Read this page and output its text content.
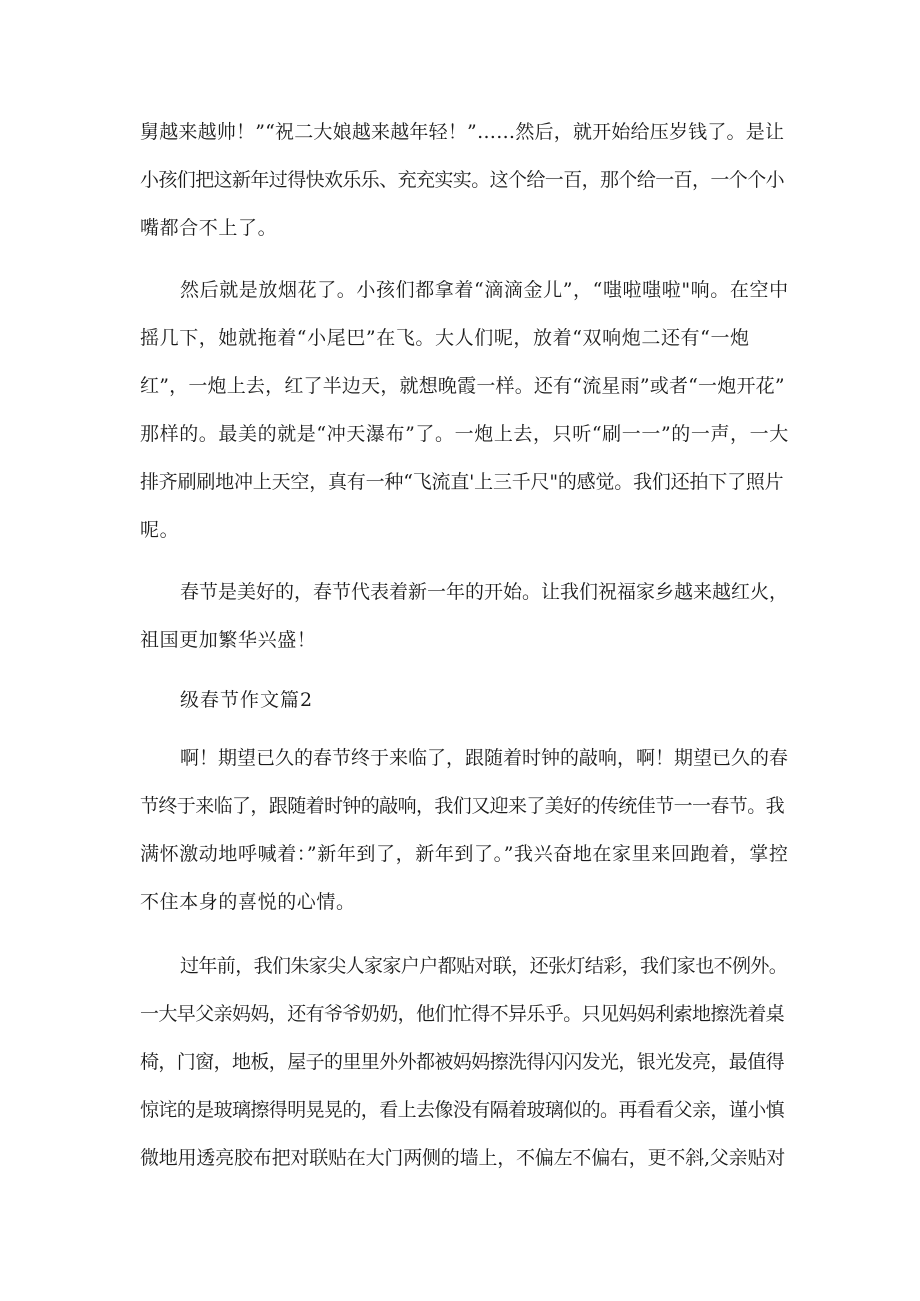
舅越来越帅！”“祝二大娘越来越年轻！”……然后，就开始给压岁钱了。是让
小孩们把这新年过得快欢乐乐、充充实实。这个给一百，那个给一百，一个个小
嘴都合不上了。
然后就是放烟花了。小孩们都拿着“滴滴金儿”，“嗤啦嗤啦"响。在空中
摇几下，她就拖着“小尾巴”在飞。大人们呢，放着“双响炮二还有“一炮
红”，一炮上去，红了半边天，就想晚霞一样。还有“流星雨”或者“一炮开花”
那样的。最美的就是“冲天瀑布”了。一炮上去，只听“刷一一”的一声，一大
排齐刷刷地冲上天空，真有一种“飞流直'上三千尺"的感觉。我们还拍下了照片
呢。
春节是美好的，春节代表着新一年的开始。让我们祝福家乡越来越红火，
祖国更加繁华兴盛！
级春节作文篇2
啊！期望已久的春节终于来临了，跟随着时钟的敲响，啊！期望已久的春
节终于来临了，跟随着时钟的敲响，我们又迎来了美好的传统佳节一一春节。我
满怀激动地呼喊着：”新年到了，新年到了。”我兴奋地在家里来回跑着，掌控
不住本身的喜悦的心情。
过年前，我们朱家尖人家家户户都贴对联，还张灯结彩，我们家也不例外。
一大早父亲妈妈，还有爷爷奶奶，他们忙得不异乐乎。只见妈妈利索地擦洗着桌
椅，门窗，地板，屋子的里里外外都被妈妈擦洗得闪闪发光，银光发亮，最值得
惊诧的是玻璃擦得明晃晃的，看上去像没有隔着玻璃似的。再看看父亲，谨小慎
微地用透亮胶布把对联贴在大门两侧的墙上，不偏左不偏右，更不斜,父亲贴对
